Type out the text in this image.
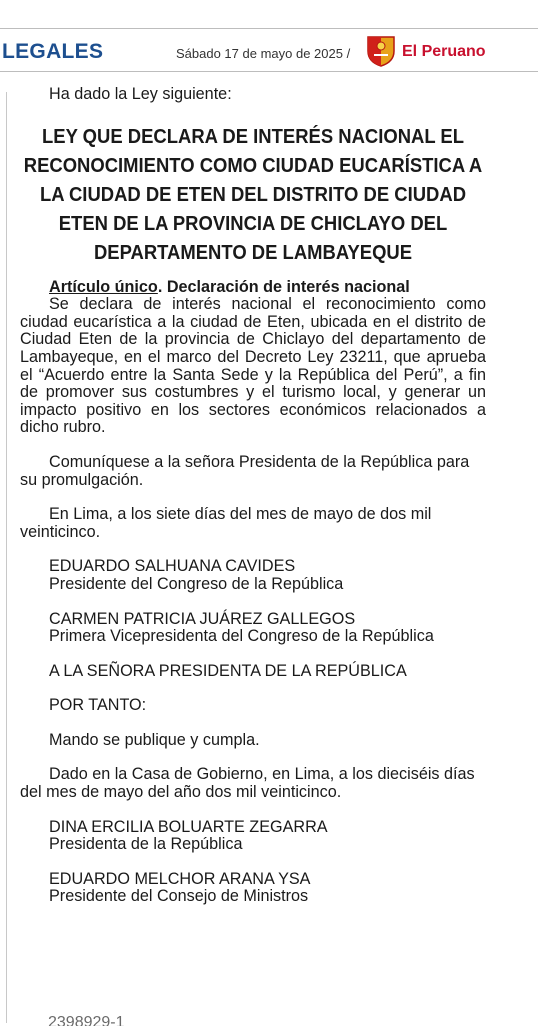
LEGALES	Sábado 17 de mayo de 2025 /	El Peruano

Ha dado la Ley siguiente:

LEY QUE DECLARA DE INTERÉS NACIONAL EL RECONOCIMIENTO COMO CIUDAD EUCARÍSTICA A LA CIUDAD DE ETEN DEL DISTRITO DE CIUDAD ETEN DE LA PROVINCIA DE CHICLAYO DEL DEPARTAMENTO DE LAMBAYEQUE

Artículo único. Declaración de interés nacional

Se declara de interés nacional el reconocimiento como ciudad eucarística a la ciudad de Eten, ubicada en el distrito de Ciudad Eten de la provincia de Chiclayo del departamento de Lambayeque, en el marco del Decreto Ley 23211, que aprueba el “Acuerdo entre la Santa Sede y la República del Perú”, a fin de promover sus costumbres y el turismo local, y generar un impacto positivo en los sectores económicos relacionados a dicho rubro.

Comuníquese a la señora Presidenta de la República para su promulgación.

En Lima, a los siete días del mes de mayo de dos mil veinticinco.

EDUARDO SALHUANA CAVIDES

Presidente del Congreso de la República

CARMEN PATRICIA JUÁREZ GALLEGOS

Primera Vicepresidenta del Congreso de la República

A LA SEÑORA PRESIDENTA DE LA REPÚBLICA

POR TANTO:

Mando se publique y cumpla.

Dado en la Casa de Gobierno, en Lima, a los dieciséis días del mes de mayo del año dos mil veinticinco.

DINA ERCILIA BOLUARTE ZEGARRA

Presidenta de la República

EDUARDO MELCHOR ARANA YSA

Presidente del Consejo de Ministros

2398929-1
